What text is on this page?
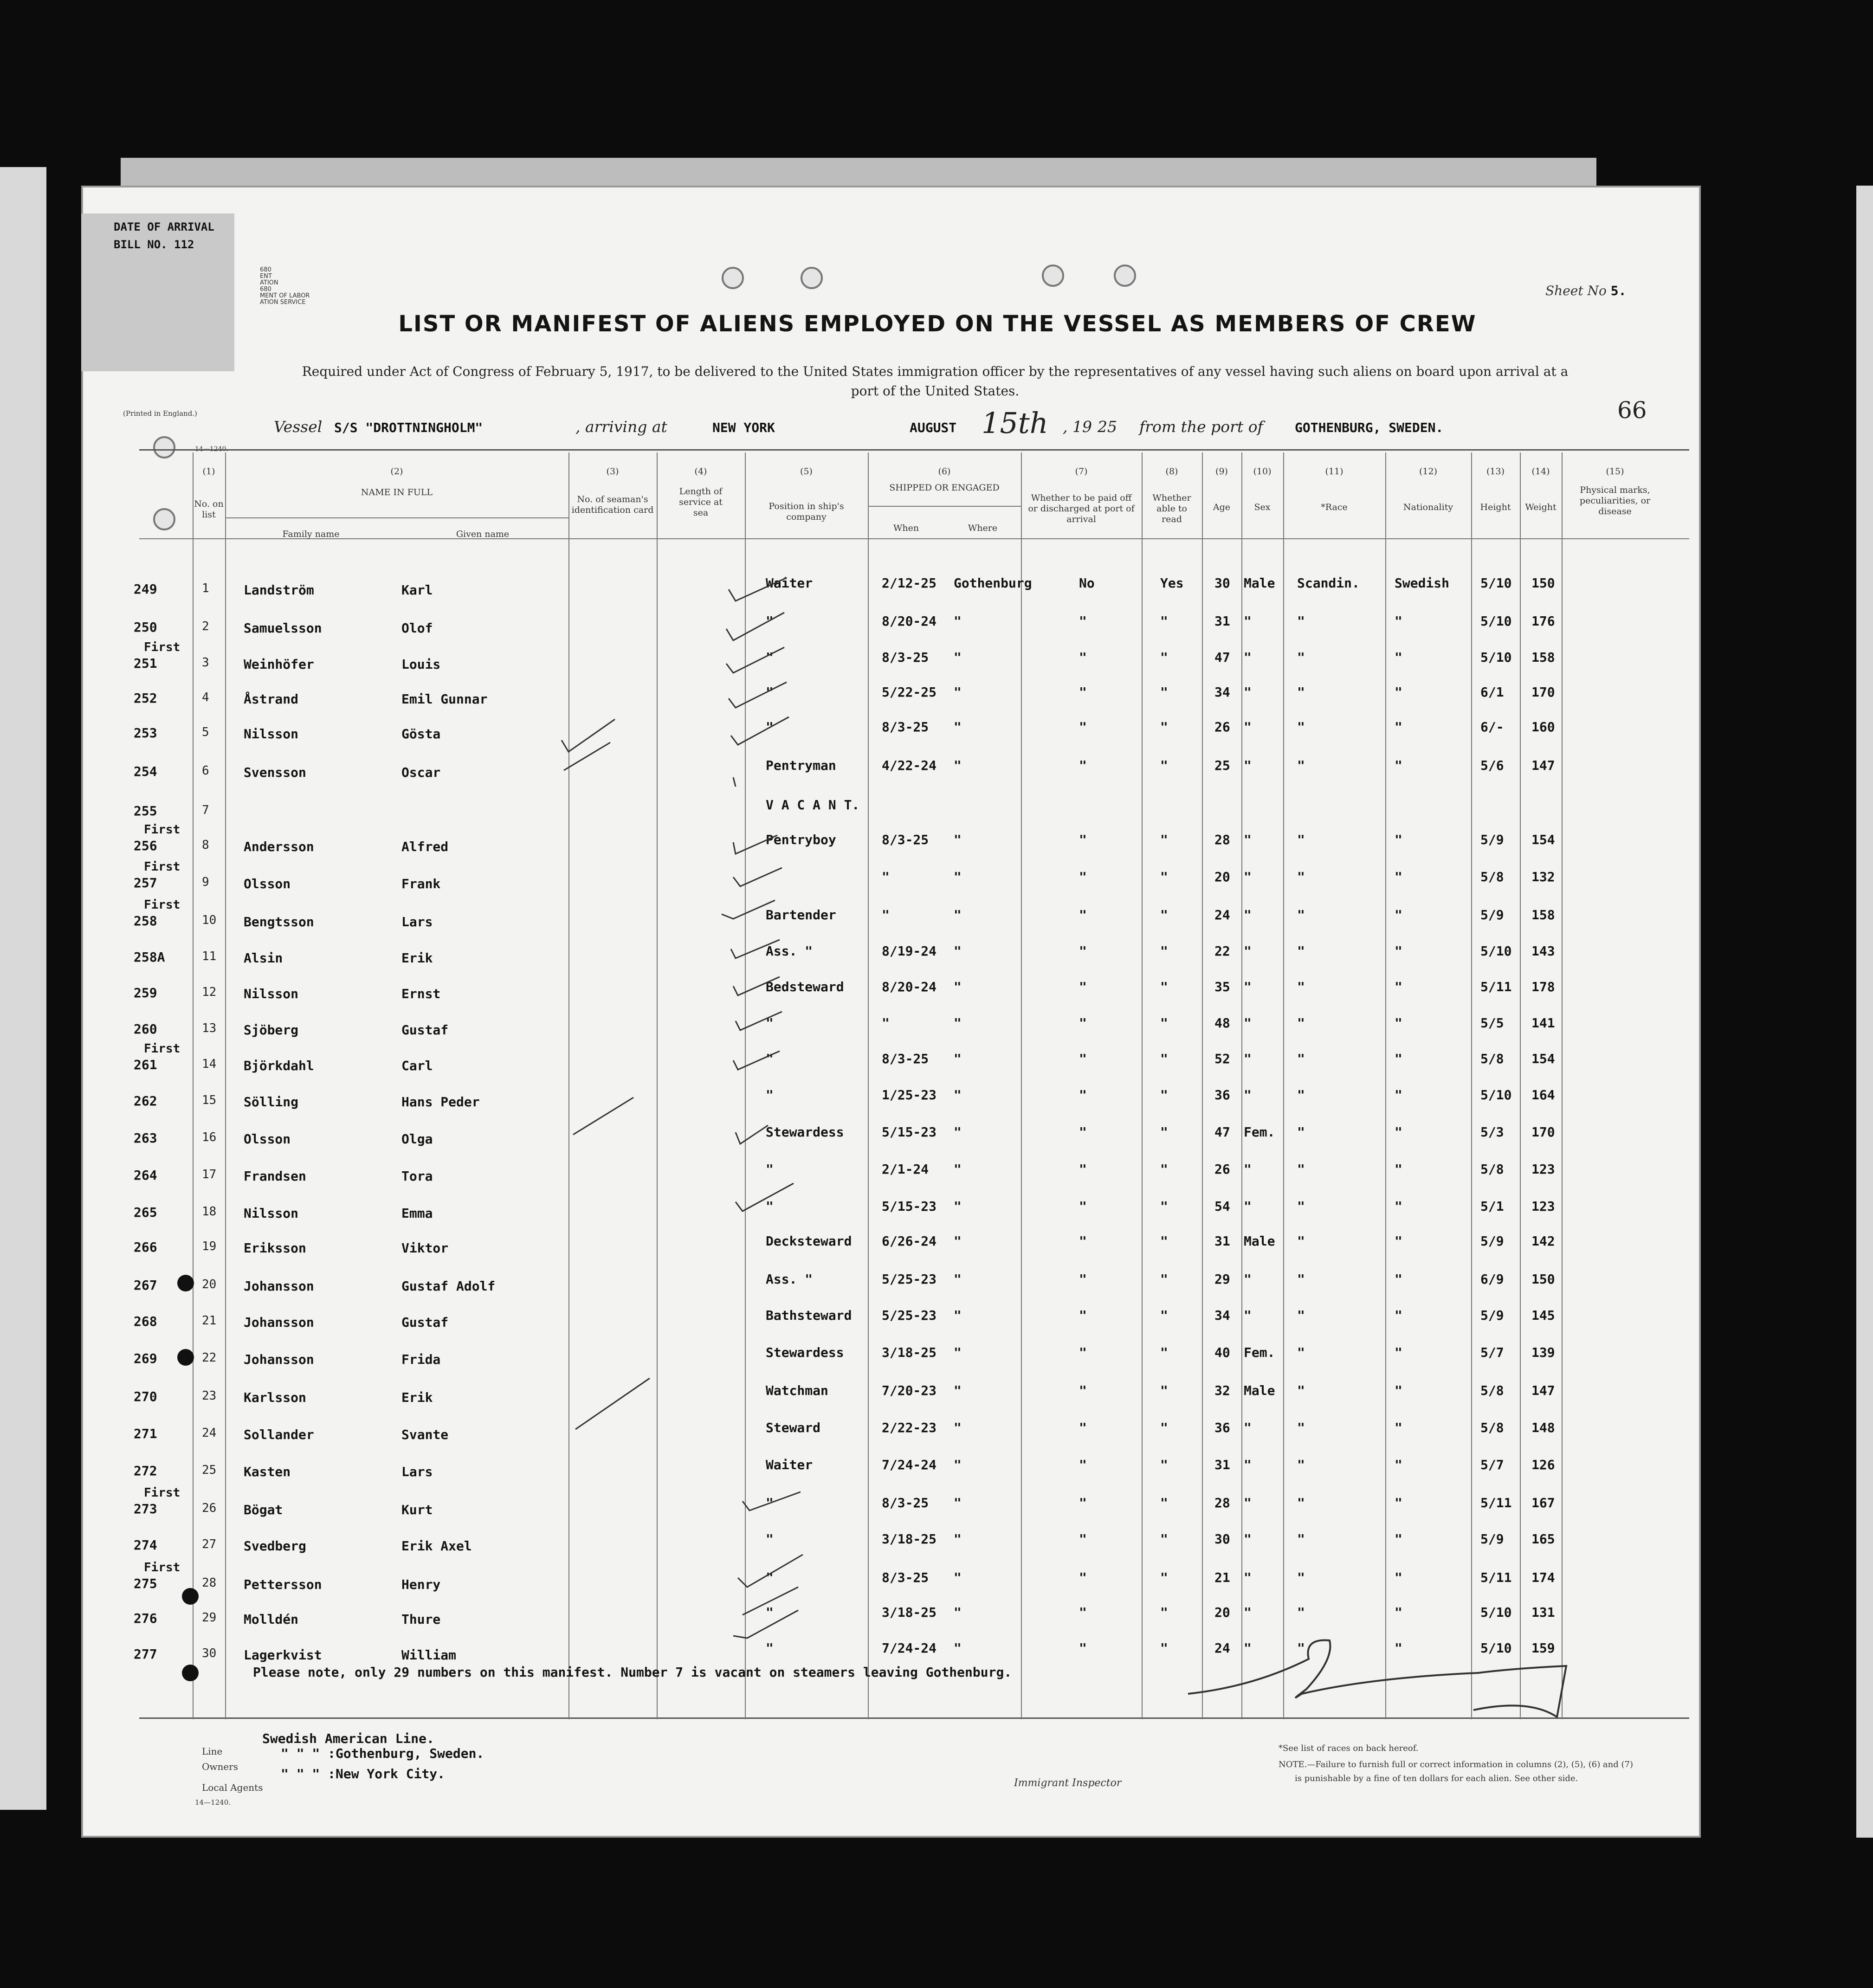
DATE OF ARRIVAL
BILL NO. 112
680
ENT
ATION
680
MENT OF LABOR
ATION SERVICE
Sheet No 5.
LIST OR MANIFEST OF ALIENS EMPLOYED ON THE VESSEL AS MEMBERS OF CREW
Required under Act of Congress of February 5, 1917, to be delivered to the United States immigration officer by the representatives of any vessel having such aliens on board upon arrival at a
port of the United States.
(Printed in England.)
14—1240.
Vessel S/S "DROTTNINGHOLM"	, arriving at	NEW YORK	AUGUST 15th , 19 25 from the port of GOTHENBURG, SWEDEN.
66
(1)
No. on list
(2)
NAME IN FULL
Family name	Given name
(3)
No. of seaman's identification card
(4)
Length of service at sea
(5)
Position in ship's company
(6)
SHIPPED OR ENGAGED
When	Where
(7)
Whether to be paid off or discharged at port of arrival
(8)
Whether able to read
(9)
Age
(10)
Sex
(11)
*Race
(12)
Nationality
(13)
Height
(14)
Weight
(15)
Physical marks, peculiarities, or disease
249	1	Landström	Karl	Waiter	2/12-25 Gothenburg	No	Yes 30 Male Scandin.	Swedish 5/10 150
250	2	Samuelsson	Olof	"	8/20-24 "	"	"	31 "	"	"	5/10 176
First
251	3	Weinhöfer	Louis	"	8/3-25 "	"	"	47 "	"	"	5/10 158
252	4	Åstrand	Emil Gunnar	"	5/22-25 "	"	"	34 "	"	"	6/1 170
253	5	Nilsson	Gösta	"	8/3-25 "	"	"	26 "	"	"	6/- 160
254	6	Svensson	Oscar	Pentryman	4/22-24 "	"	"	25 "	"	"	5/6 147
255	7	V A C A N T.
First
256	8	Andersson	Alfred	Pentryboy	8/3-25 "	"	"	28 "	"	"	5/9 154
First
257	9	Olsson	Frank	"	"	"	"	20 "	"	"	5/8 132
First
258	10 Bengtsson	Lars	Bartender	"	"	"	"	24 "	"	"	5/9 158
258A	11 Alsin	Erik	Ass. "	8/19-24 "	"	"	22 "	"	"	5/10 143
259	12 Nilsson	Ernst	Bedsteward	8/20-24 "	"	"	35 "	"	"	5/11 178
260	13 Sjöberg	Gustaf	"	"	"	"	"	48 "	"	"	5/5 141
First
261	14 Björkdahl	Carl	"	8/3-25 "	"	"	52 "	"	"	5/8 154
262	15 Sölling	Hans Peder	"	1/25-23 "	"	"	36 "	"	"	5/10 164
263	16 Olsson	Olga	Stewardess	5/15-23 "	"	"	47 Fem. "	"	5/3 170
264	17 Frandsen	Tora	"	2/1-24 "	"	"	26 "	"	"	5/8 123
265	18 Nilsson	Emma	"	5/15-23 "	"	"	54 "	"	"	5/1 123
266	19 Eriksson	Viktor	Decksteward 6/26-24 "	"	"	31 Male "	"	5/9 142
267	20 Johansson	Gustaf Adolf	Ass. "	5/25-23 "	"	"	29 "	"	"	6/9 150
268	21 Johansson	Gustaf	Bathsteward 5/25-23 "	"	"	34 "	"	"	5/9 145
269	22 Johansson	Frida	Stewardess	3/18-25 "	"	"	40 Fem. "	"	5/7 139
270	23 Karlsson	Erik	Watchman	7/20-23 "	"	"	32 Male "	"	5/8 147
271	24 Sollander	Svante	Steward	2/22-23 "	"	"	36 "	"	"	5/8 148
272	25 Kasten	Lars	Waiter	7/24-24 "	"	"	31 "	"	"	5/7 126
First
273	26 Bögat	Kurt	"	8/3-25 "	"	"	28 "	"	"	5/11 167
274	27 Svedberg	Erik Axel	"	3/18-25 "	"	"	30 "	"	"	5/9 165
First
275	28 Pettersson	Henry	"	8/3-25 "	"	"	21 "	"	"	5/11 174
276	29 Molldén	Thure	"	3/18-25 "	"	"	20 "	"	"	5/10 131
277	30 Lagerkvist	William	"	7/24-24 "	"	"	24 "	"	"	5/10 159
Please note, only 29 numbers on this manifest. Number 7 is vacant on steamers leaving Gothenburg.
Line
Swedish American Line.
Owners
" " " :Gothenburg, Sweden.
Local Agents
" " " :New York City.
14—1240.
Immigrant Inspector
*See list of races on back hereof.
NOTE.—Failure to furnish full or correct information in columns (2), (5), (6) and (7)
is punishable by a fine of ten dollars for each alien. See other side.
